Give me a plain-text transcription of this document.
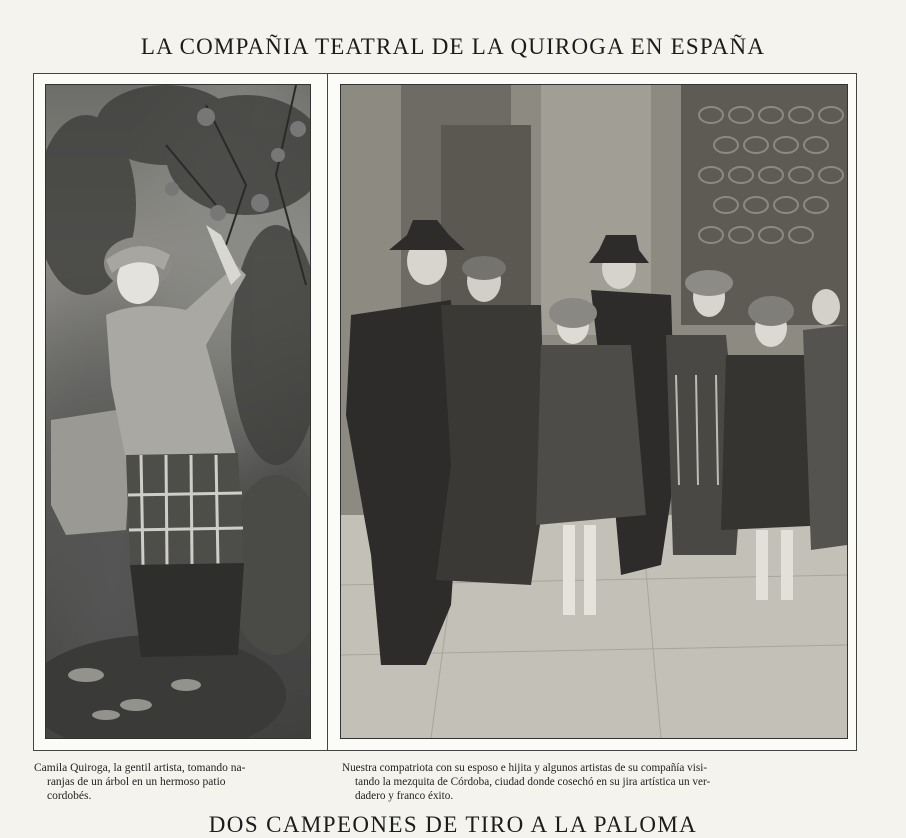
LA COMPAÑIA TEATRAL DE LA QUIROGA EN ESPAÑA
Camila Quiroga, la gentil artista, tomando na-
ranjas de un árbol en un hermoso patio
cordobés.
Nuestra compatriota con su esposo e hijita y algunos artistas de su compañía visi-
tando la mezquita de Córdoba, ciudad donde cosechó en su jira artística un ver-
dadero y franco éxito.
DOS CAMPEONES DE TIRO A LA PALOMA
